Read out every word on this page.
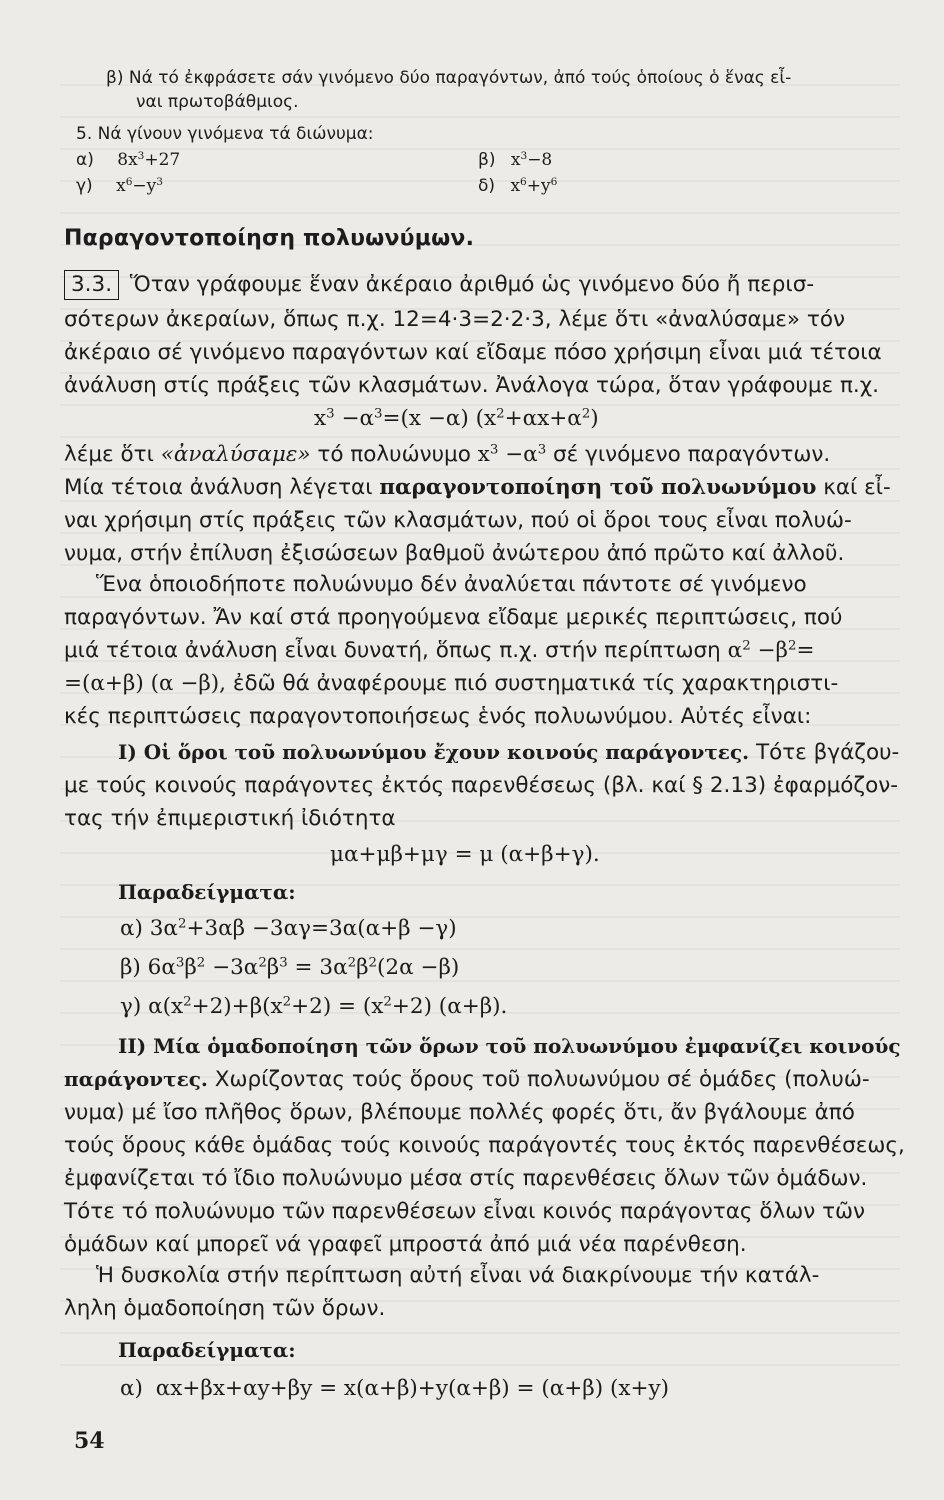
β) Νά τό ἐκφράσετε σάν γινόμενο δύο παραγόντων, ἀπό τούς ὁποίους ὁ ἕνας εἶ-
ναι πρωτοβάθμιος.
5. Νά γίνουν γινόμενα τά διώνυμα:
α) $8x^3+27$	β) $x^3-8$
γ) $x^6-y^3$	δ) $x^6+y^6$
Παραγοντοποίηση πολυωνύμων.
3.3. Ὅταν γράφουμε ἕναν ἀκέραιο ἀριθμό ὡς γινόμενο δύο ἤ περισ-
σότερων ἀκεραίων, ὅπως π.χ. 12=4·3=2·2·3, λέμε ὅτι «ἀναλύσαμε» τόν
ἀκέραιο σέ γινόμενο παραγόντων καί εἴδαμε πόσο χρήσιμη εἶναι μιά τέτοια
ἀνάλυση στίς πράξεις τῶν κλασμάτων. Ἀνάλογα τώρα, ὅταν γράφουμε π.χ.
$x^3 -\alpha^3=(x -\alpha)$ $(x^2+\alpha x+\alpha^2)$
λέμε ὅτι «ἀναλύσαμε» τό πολυώνυμο $x^3 -\alpha^3$ σέ γινόμενο παραγόντων.
Μία τέτοια ἀνάλυση λέγεται παραγοντοποίηση τοῦ πολυωνύμου καί εἶ-
ναι χρήσιμη στίς πράξεις τῶν κλασμάτων, πού οἱ ὅροι τους εἶναι πολυώ-
νυμα, στήν ἐπίλυση ἐξισώσεων βαθμοῦ ἀνώτερου ἀπό πρῶτο καί ἀλλοῦ.
Ἕνα ὁποιοδήποτε πολυώνυμο δέν ἀναλύεται πάντοτε σέ γινόμενο
παραγόντων. Ἄν καί στά προηγούμενα εἴδαμε μερικές περιπτώσεις, πού
μιά τέτοια ἀνάλυση εἶναι δυνατή, ὅπως π.χ. στήν περίπτωση $\alpha^2 -\beta^2=$
=(α+β) (α −β), ἐδῶ θά ἀναφέρουμε πιό συστηματικά τίς χαρακτηριστι-
κές περιπτώσεις παραγοντοποιήσεως ἑνός πολυωνύμου. Αὐτές εἶναι:
I) Οἱ ὅροι τοῦ πολυωνύμου ἔχουν κοινούς παράγοντες. Τότε βγάζου-
με τούς κοινούς παράγοντες ἐκτός παρενθέσεως (βλ. καί § 2.13) ἐφαρμόζον-
τας τήν ἐπιμεριστική ἰδιότητα
μα+μβ+μγ = μ (α+β+γ).
Παραδείγματα:
α) $3\alpha^2+3\alpha\beta -3\alpha\gamma=3\alpha(\alpha+\beta -\gamma)$
β) $6\alpha^3\beta^2 -3\alpha^2\beta^3 = 3\alpha^2\beta^2(2\alpha -\beta)$
γ) $\alpha(x^2+2)+\beta(x^2+2) = (x^2+2)$ (α+β).
II) Μία ὁμαδοποίηση τῶν ὅρων τοῦ πολυωνύμου ἐμφανίζει κοινούς
παράγοντες. Χωρίζοντας τούς ὅρους τοῦ πολυωνύμου σέ ὁμάδες (πολυώ-
νυμα) μέ ἴσο πλῆθος ὅρων, βλέπουμε πολλές φορές ὅτι, ἄν βγάλουμε ἀπό
τούς ὅρους κάθε ὁμάδας τούς κοινούς παράγοντές τους ἐκτός παρενθέσεως,
ἐμφανίζεται τό ἴδιο πολυώνυμο μέσα στίς παρενθέσεις ὅλων τῶν ὁμάδων.
Τότε τό πολυώνυμο τῶν παρενθέσεων εἶναι κοινός παράγοντας ὅλων τῶν
ὁμάδων καί μπορεῖ νά γραφεῖ μπροστά ἀπό μιά νέα παρένθεση.
Ἡ δυσκολία στήν περίπτωση αὐτή εἶναι νά διακρίνουμε τήν κατάλ-
ληλη ὁμαδοποίηση τῶν ὅρων.
Παραδείγματα:
α) αx+βx+αy+βy = x(α+β)+y(α+β) = (α+β) (x+y)
54
